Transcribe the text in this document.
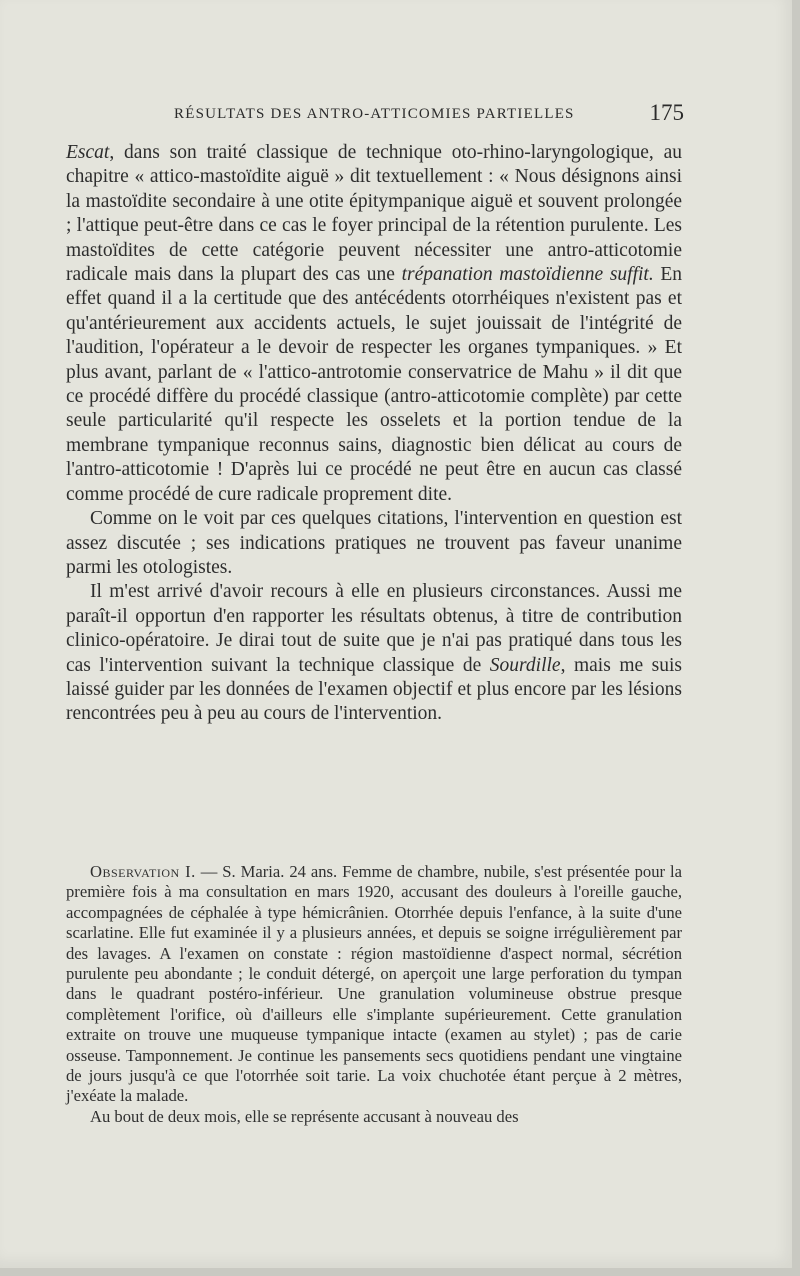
RÉSULTATS DES ANTRO-ATTICOMIES PARTIELLES	175

Escat, dans son traité classique de technique oto-rhino-laryngologique, au chapitre « attico-mastoïdite aiguë » dit textuellement : « Nous désignons ainsi la mastoïdite secondaire à une otite épitympanique aiguë et souvent prolongée ; l'attique peut-être dans ce cas le foyer principal de la rétention purulente. Les mastoïdites de cette catégorie peuvent nécessiter une antro-atticotomie radicale mais dans la plupart des cas une trépanation mastoïdienne suffit. En effet quand il a la certitude que des antécédents otorrhéiques n'existent pas et qu'antérieurement aux accidents actuels, le sujet jouissait de l'intégrité de l'audition, l'opérateur a le devoir de respecter les organes tympaniques. » Et plus avant, parlant de « l'attico-antrotomie conservatrice de Mahu » il dit que ce procédé diffère du procédé classique (antro-atticotomie complète) par cette seule particularité qu'il respecte les osselets et la portion tendue de la membrane tympanique reconnus sains, diagnostic bien délicat au cours de l'antro-atticotomie ! D'après lui ce procédé ne peut être en aucun cas classé comme procédé de cure radicale proprement dite.

Comme on le voit par ces quelques citations, l'intervention en question est assez discutée ; ses indications pratiques ne trouvent pas faveur unanime parmi les otologistes.

Il m'est arrivé d'avoir recours à elle en plusieurs circonstances. Aussi me paraît-il opportun d'en rapporter les résultats obtenus, à titre de contribution clinico-opératoire. Je dirai tout de suite que je n'ai pas pratiqué dans tous les cas l'intervention suivant la technique classique de Sourdille, mais me suis laissé guider par les données de l'examen objectif et plus encore par les lésions rencontrées peu à peu au cours de l'intervention.

Observation I. — S. Maria. 24 ans. Femme de chambre, nubile, s'est présentée pour la première fois à ma consultation en mars 1920, accusant des douleurs à l'oreille gauche, accompagnées de céphalée à type hémicrânien. Otorrhée depuis l'enfance, à la suite d'une scarlatine. Elle fut examinée il y a plusieurs années, et depuis se soigne irrégulièrement par des lavages. A l'examen on constate : région mastoïdienne d'aspect normal, sécrétion purulente peu abondante ; le conduit détergé, on aperçoit une large perforation du tympan dans le quadrant postéro-inférieur. Une granulation volumineuse obstrue presque complètement l'orifice, où d'ailleurs elle s'implante supérieurement. Cette granulation extraite on trouve une muqueuse tympanique intacte (examen au stylet) ; pas de carie osseuse. Tamponnement. Je continue les pansements secs quotidiens pendant une vingtaine de jours jusqu'à ce que l'otorrhée soit tarie. La voix chuchotée étant perçue à 2 mètres, j'exéate la malade.

Au bout de deux mois, elle se représente accusant à nouveau des
